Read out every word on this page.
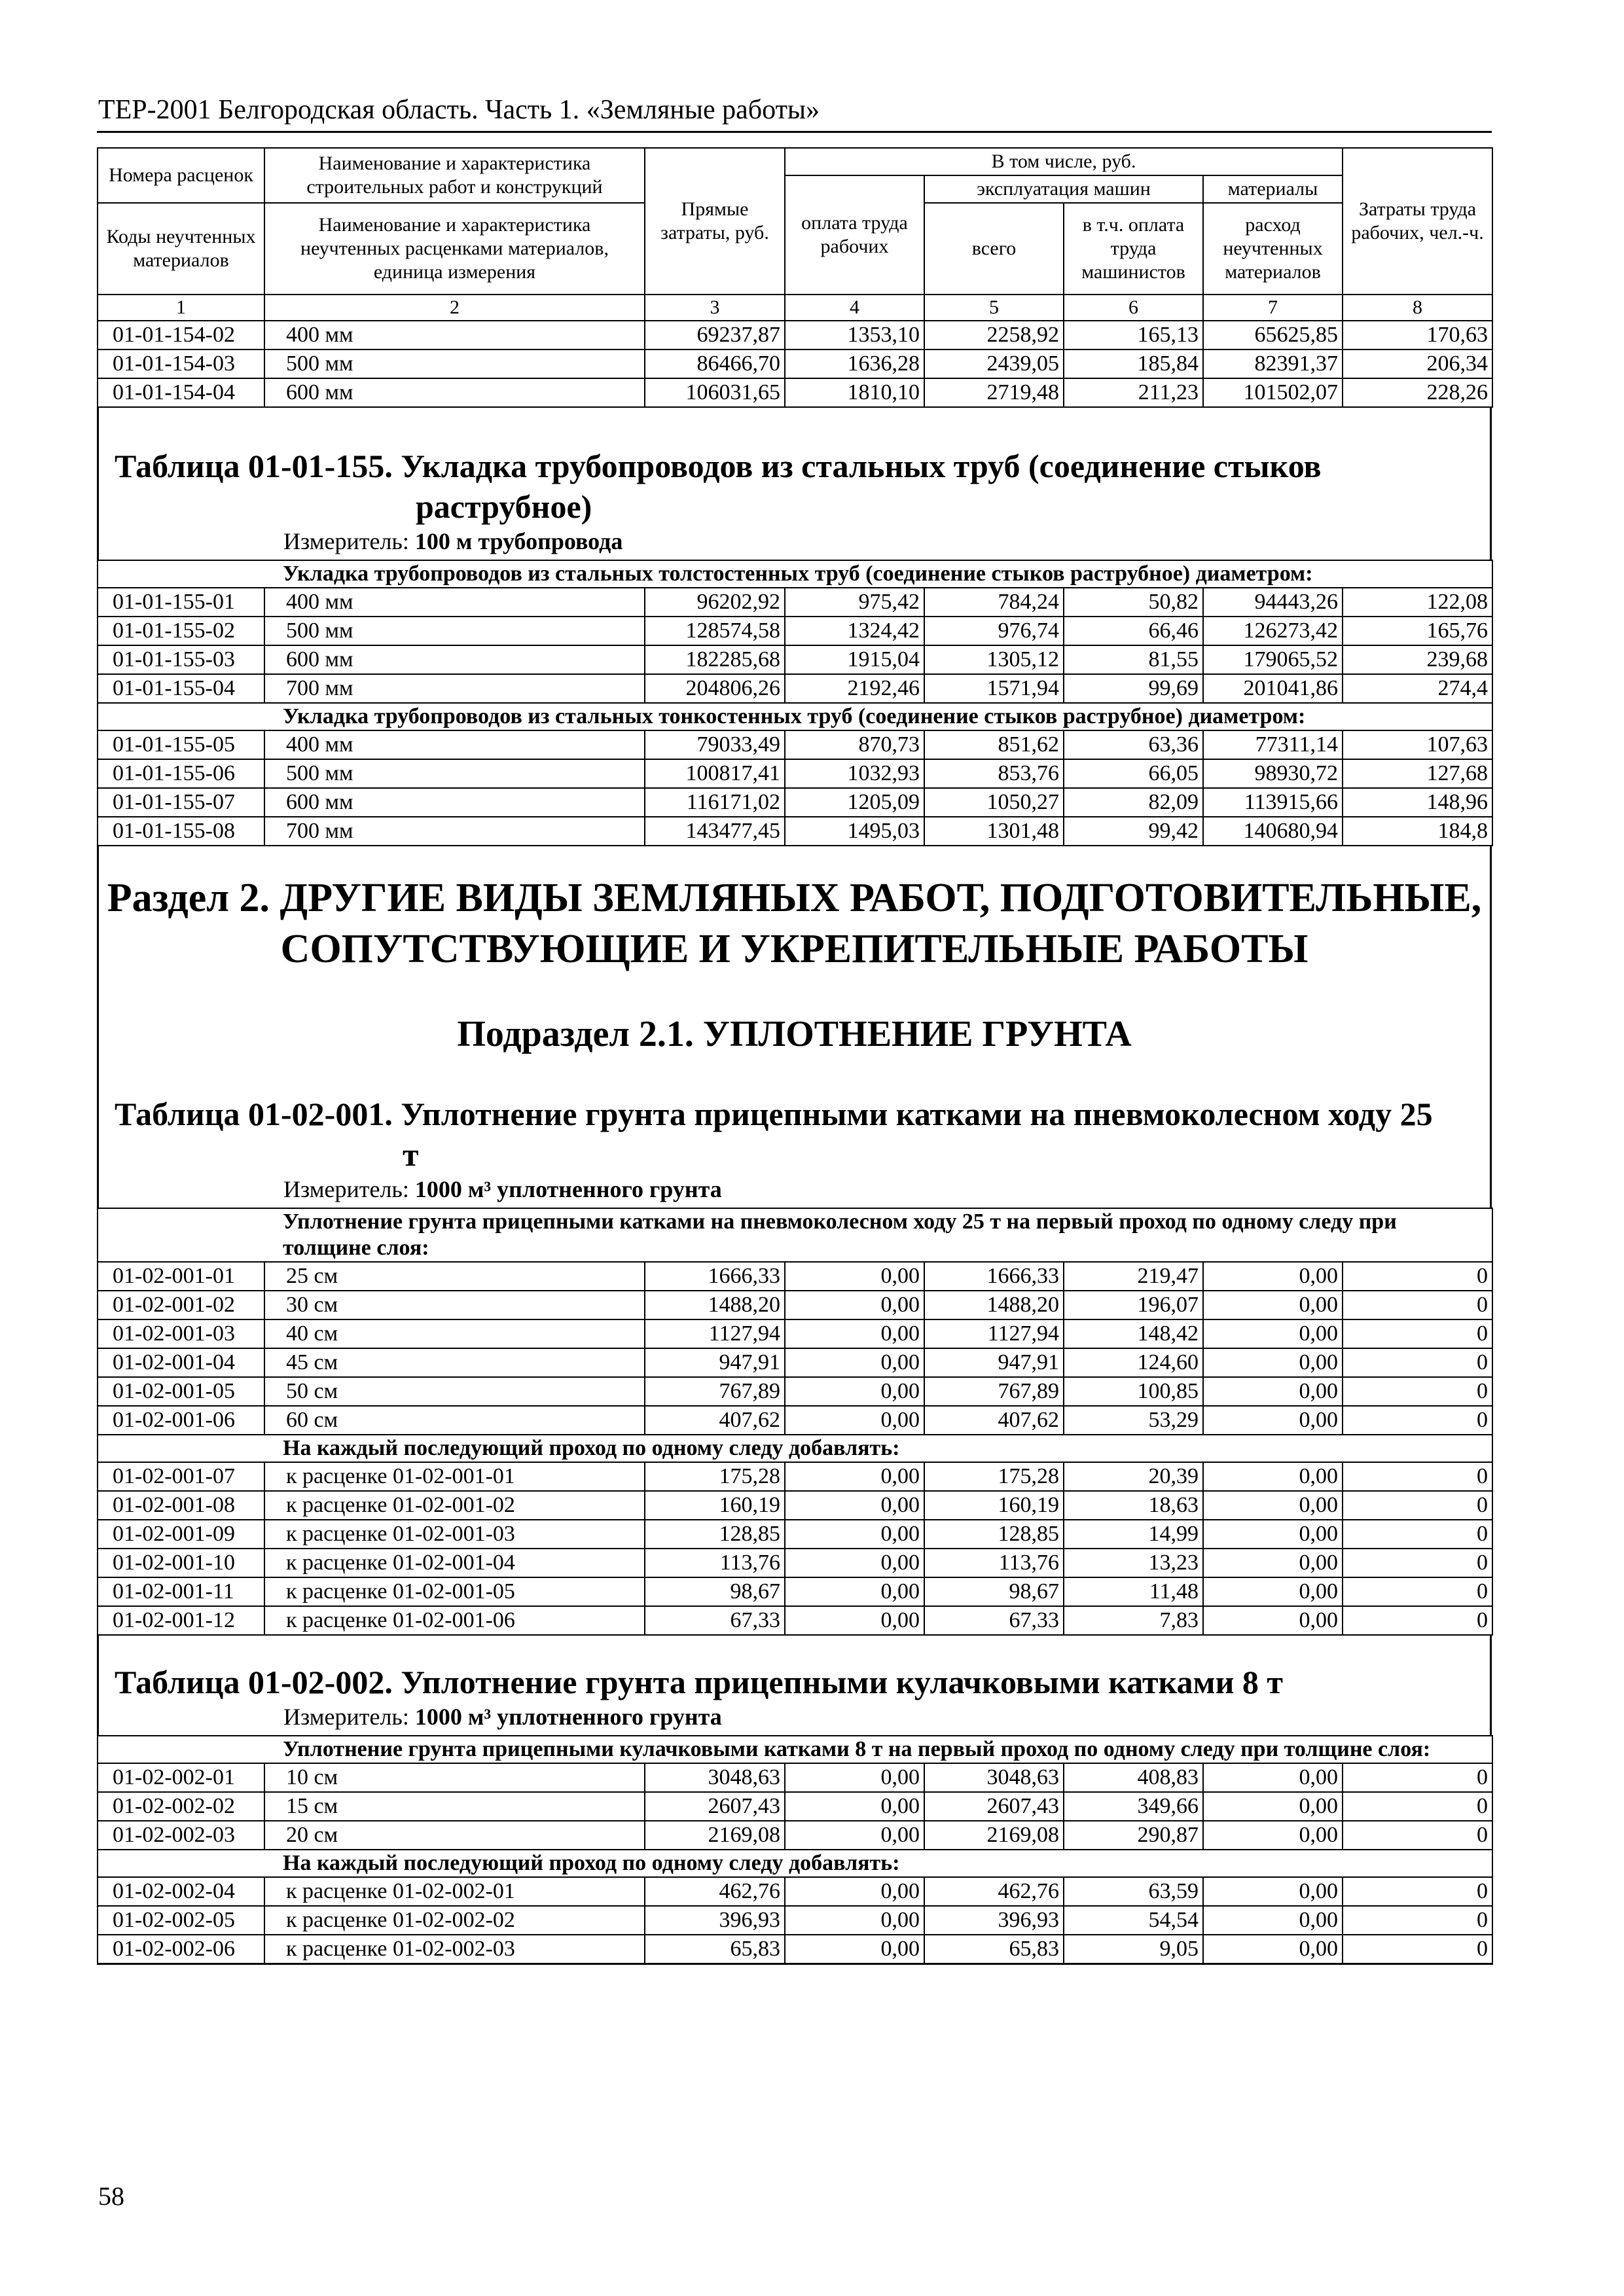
ТЕР-2001 Белгородская область. Часть 1. «Земляные работы»
Номера расценок	Наименование и характеристика строительных работ и конструкций	Прямые затраты, руб.	В том числе, руб.				Затраты труда рабочих, чел.-ч.
			оплата труда рабочих	эксплуатация машин		материалы	
Коды неучтенных материалов	Наименование и характеристика неучтенных расценками материалов, единица измерения			всего	в т.ч. оплата труда машинистов	расход неучтенных материалов	

1	2	3	4	5	6	7	8
01-01-154-02	400 мм	69237,87	1353,10	2258,92	165,13	65625,85	170,63
01-01-154-03	500 мм	86466,70	1636,28	2439,05	185,84	82391,37	206,34
01-01-154-04	600 мм	106031,65	1810,10	2719,48	211,23	101502,07	228,26
Таблица 01-01-155. Укладка трубопроводов из стальных труб (соединение стыков
раструбное)
Измеритель: 100 м трубопровода
Укладка трубопроводов из стальных толстостенных труб (соединение стыков раструбное) диаметром:							
01-01-155-01	400 мм	96202,92	975,42	784,24	50,82	94443,26	122,08
01-01-155-02	500 мм	128574,58	1324,42	976,74	66,46	126273,42	165,76
01-01-155-03	600 мм	182285,68	1915,04	1305,12	81,55	179065,52	239,68
01-01-155-04	700 мм	204806,26	2192,46	1571,94	99,69	201041,86	274,4
Укладка трубопроводов из стальных тонкостенных труб (соединение стыков раструбное) диаметром:							
01-01-155-05	400 мм	79033,49	870,73	851,62	63,36	77311,14	107,63
01-01-155-06	500 мм	100817,41	1032,93	853,76	66,05	98930,72	127,68
01-01-155-07	600 мм	116171,02	1205,09	1050,27	82,09	113915,66	148,96
01-01-155-08	700 мм	143477,45	1495,03	1301,48	99,42	140680,94	184,8
Раздел 2. ДРУГИЕ ВИДЫ ЗЕМЛЯНЫХ РАБОТ, ПОДГОТОВИТЕЛЬНЫЕ,
СОПУТСТВУЮЩИЕ И УКРЕПИТЕЛЬНЫЕ РАБОТЫ
Подраздел 2.1. УПЛОТНЕНИЕ ГРУНТА
Таблица 01-02-001. Уплотнение грунта прицепными катками на пневмоколесном ходу 25
т
Измеритель: 1000 м³ уплотненного грунта
Уплотнение грунта прицепными катками на пневмоколесном ходу 25 т на первый проход по одному следу при толщине слоя:							
01-02-001-01	25 см	1666,33	0,00	1666,33	219,47	0,00	0
01-02-001-02	30 см	1488,20	0,00	1488,20	196,07	0,00	0
01-02-001-03	40 см	1127,94	0,00	1127,94	148,42	0,00	0
01-02-001-04	45 см	947,91	0,00	947,91	124,60	0,00	0
01-02-001-05	50 см	767,89	0,00	767,89	100,85	0,00	0
01-02-001-06	60 см	407,62	0,00	407,62	53,29	0,00	0
На каждый последующий проход по одному следу добавлять:							
01-02-001-07	к расценке 01-02-001-01	175,28	0,00	175,28	20,39	0,00	0
01-02-001-08	к расценке 01-02-001-02	160,19	0,00	160,19	18,63	0,00	0
01-02-001-09	к расценке 01-02-001-03	128,85	0,00	128,85	14,99	0,00	0
01-02-001-10	к расценке 01-02-001-04	113,76	0,00	113,76	13,23	0,00	0
01-02-001-11	к расценке 01-02-001-05	98,67	0,00	98,67	11,48	0,00	0
01-02-001-12	к расценке 01-02-001-06	67,33	0,00	67,33	7,83	0,00	0
Таблица 01-02-002. Уплотнение грунта прицепными кулачковыми катками 8 т
Измеритель: 1000 м³ уплотненного грунта
Уплотнение грунта прицепными кулачковыми катками 8 т на первый проход по одному следу при толщине слоя:							
01-02-002-01	10 см	3048,63	0,00	3048,63	408,83	0,00	0
01-02-002-02	15 см	2607,43	0,00	2607,43	349,66	0,00	0
01-02-002-03	20 см	2169,08	0,00	2169,08	290,87	0,00	0
На каждый последующий проход по одному следу добавлять:							
01-02-002-04	к расценке 01-02-002-01	462,76	0,00	462,76	63,59	0,00	0
01-02-002-05	к расценке 01-02-002-02	396,93	0,00	396,93	54,54	0,00	0
01-02-002-06	к расценке 01-02-002-03	65,83	0,00	65,83	9,05	0,00	0
58
